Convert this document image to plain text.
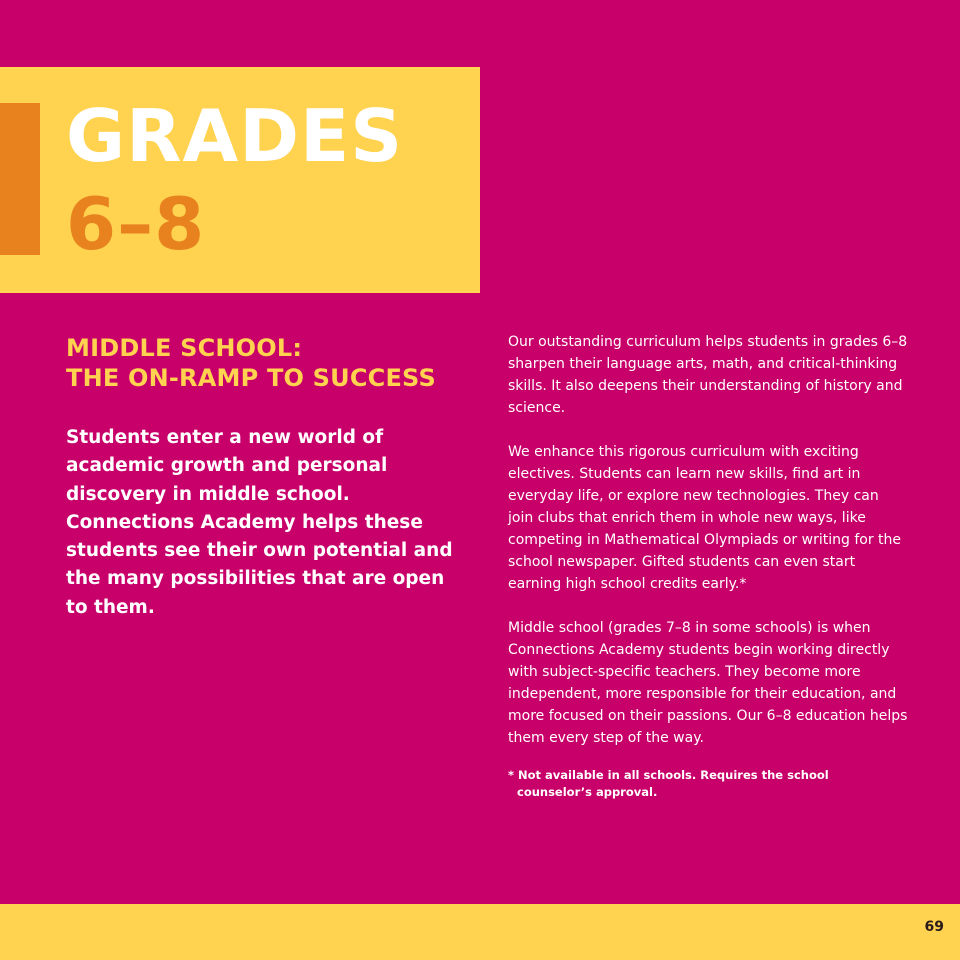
GRADES
6–8
MIDDLE SCHOOL:
THE ON-RAMP TO SUCCESS
Students enter a new world of academic growth and personal discovery in middle school. Connections Academy helps these students see their own potential and the many possibilities that are open to them.

Our outstanding curriculum helps students in grades 6–8 sharpen their language arts, math, and critical-thinking skills. It also deepens their understanding of history and science.

We enhance this rigorous curriculum with exciting electives. Students can learn new skills, find art in everyday life, or explore new technologies. They can join clubs that enrich them in whole new ways, like competing in Mathematical Olympiads or writing for the school newspaper. Gifted students can even start earning high school credits early.*

Middle school (grades 7–8 in some schools) is when Connections Academy students begin working directly with subject-specific teachers. They become more independent, more responsible for their education, and more focused on their passions. Our 6–8 education helps them every step of the way.

* Not available in all schools. Requires the school
counselor’s approval.
69
